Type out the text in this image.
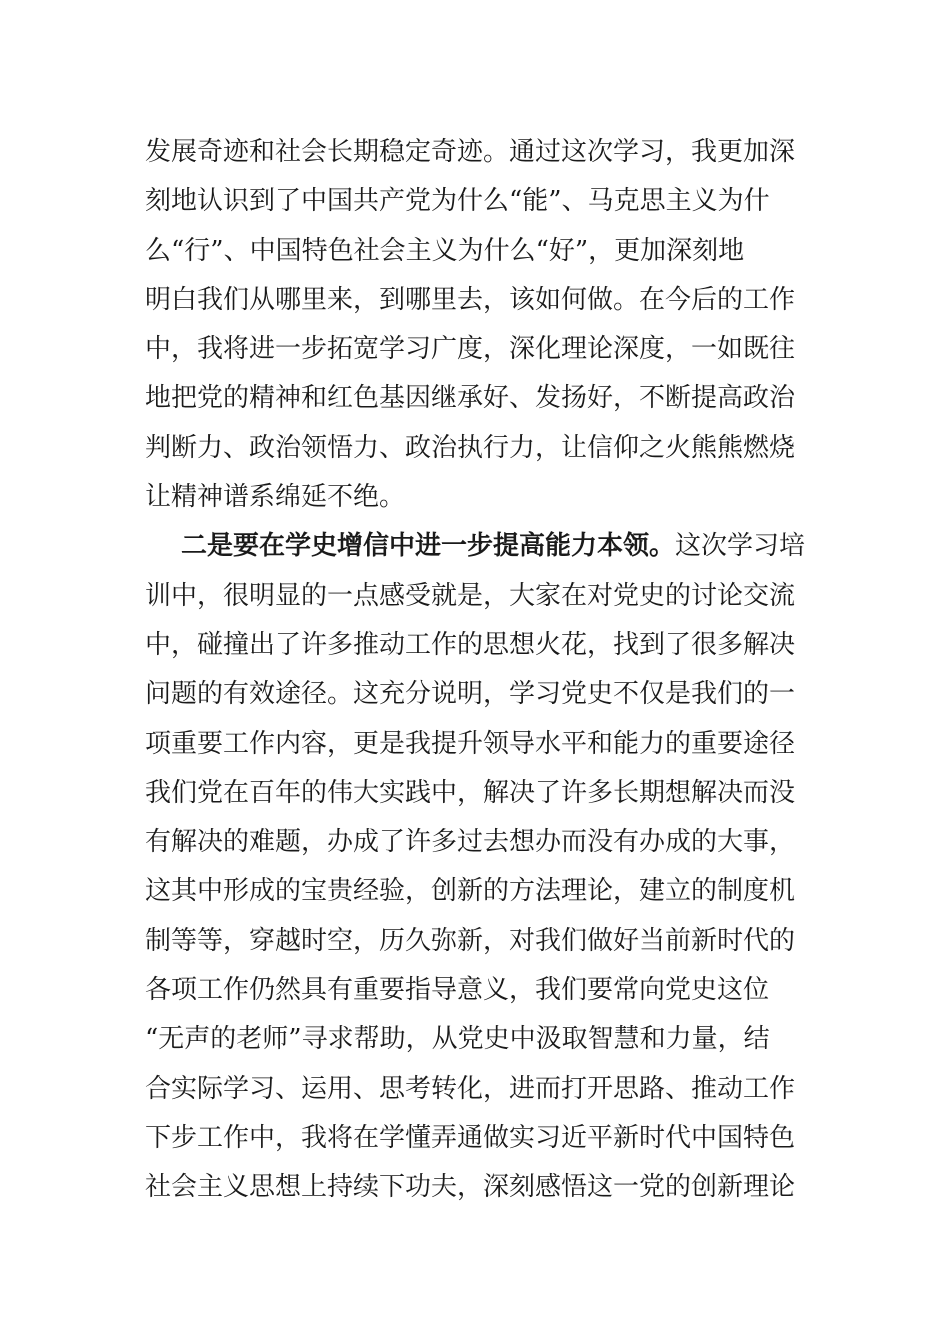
发展奇迹和社会长期稳定奇迹。通过这次学习，我更加深
刻地认识到了中国共产党为什么“能”、马克思主义为什
么“行”、中国特色社会主义为什么“好”，更加深刻地
明白我们从哪里来，到哪里去，该如何做。在今后的工作
中，我将进一步拓宽学习广度，深化理论深度，一如既往
地把党的精神和红色基因继承好、发扬好，不断提高政治
判断力、政治领悟力、政治执行力，让信仰之火熊熊燃烧
让精神谱系绵延不绝。
二是要在学史增信中进一步提高能力本领。这次学习培
训中，很明显的一点感受就是，大家在对党史的讨论交流
中，碰撞出了许多推动工作的思想火花，找到了很多解决
问题的有效途径。这充分说明，学习党史不仅是我们的一
项重要工作内容，更是我提升领导水平和能力的重要途径
我们党在百年的伟大实践中，解决了许多长期想解决而没
有解决的难题，办成了许多过去想办而没有办成的大事，
这其中形成的宝贵经验，创新的方法理论，建立的制度机
制等等，穿越时空，历久弥新，对我们做好当前新时代的
各项工作仍然具有重要指导意义，我们要常向党史这位
“无声的老师”寻求帮助，从党史中汲取智慧和力量，结
合实际学习、运用、思考转化，进而打开思路、推动工作
下步工作中，我将在学懂弄通做实习近平新时代中国特色
社会主义思想上持续下功夫，深刻感悟这一党的创新理论
